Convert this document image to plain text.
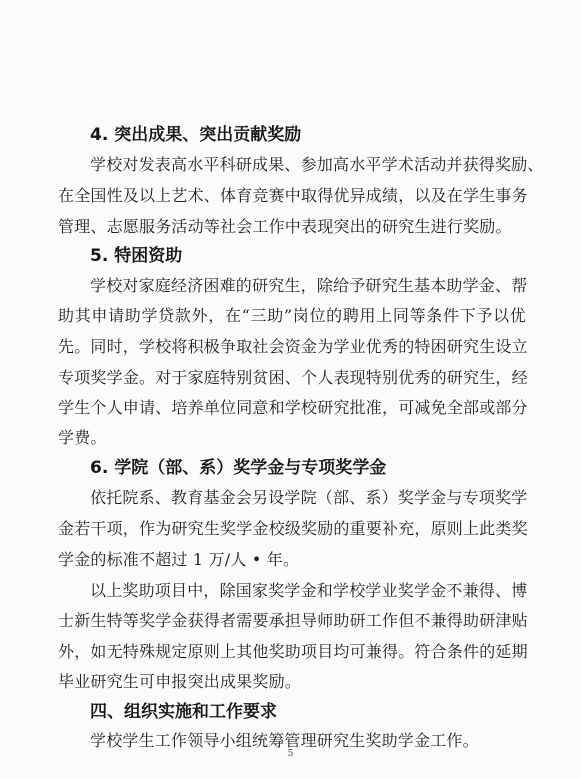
4. 突出成果、突出贡献奖励
学校对发表高水平科研成果、参加高水平学术活动并获得奖励、
在全国性及以上艺术、体育竞赛中取得优异成绩，以及在学生事务
管理、志愿服务活动等社会工作中表现突出的研究生进行奖励。
5. 特困资助
学校对家庭经济困难的研究生，除给予研究生基本助学金、帮
助其申请助学贷款外，在“三助”岗位的聘用上同等条件下予以优
先。同时，学校将积极争取社会资金为学业优秀的特困研究生设立
专项奖学金。对于家庭特别贫困、个人表现特别优秀的研究生，经
学生个人申请、培养单位同意和学校研究批准，可减免全部或部分
学费。
6. 学院（部、系）奖学金与专项奖学金
依托院系、教育基金会另设学院（部、系）奖学金与专项奖学
金若干项，作为研究生奖学金校级奖励的重要补充，原则上此类奖
学金的标准不超过 1 万/人 • 年。
以上奖助项目中，除国家奖学金和学校学业奖学金不兼得、博
士新生特等奖学金获得者需要承担导师助研工作但不兼得助研津贴
外，如无特殊规定原则上其他奖助项目均可兼得。符合条件的延期
毕业研究生可申报突出成果奖励。
四、组织实施和工作要求
学校学生工作领导小组统筹管理研究生奖助学金工作。
5
